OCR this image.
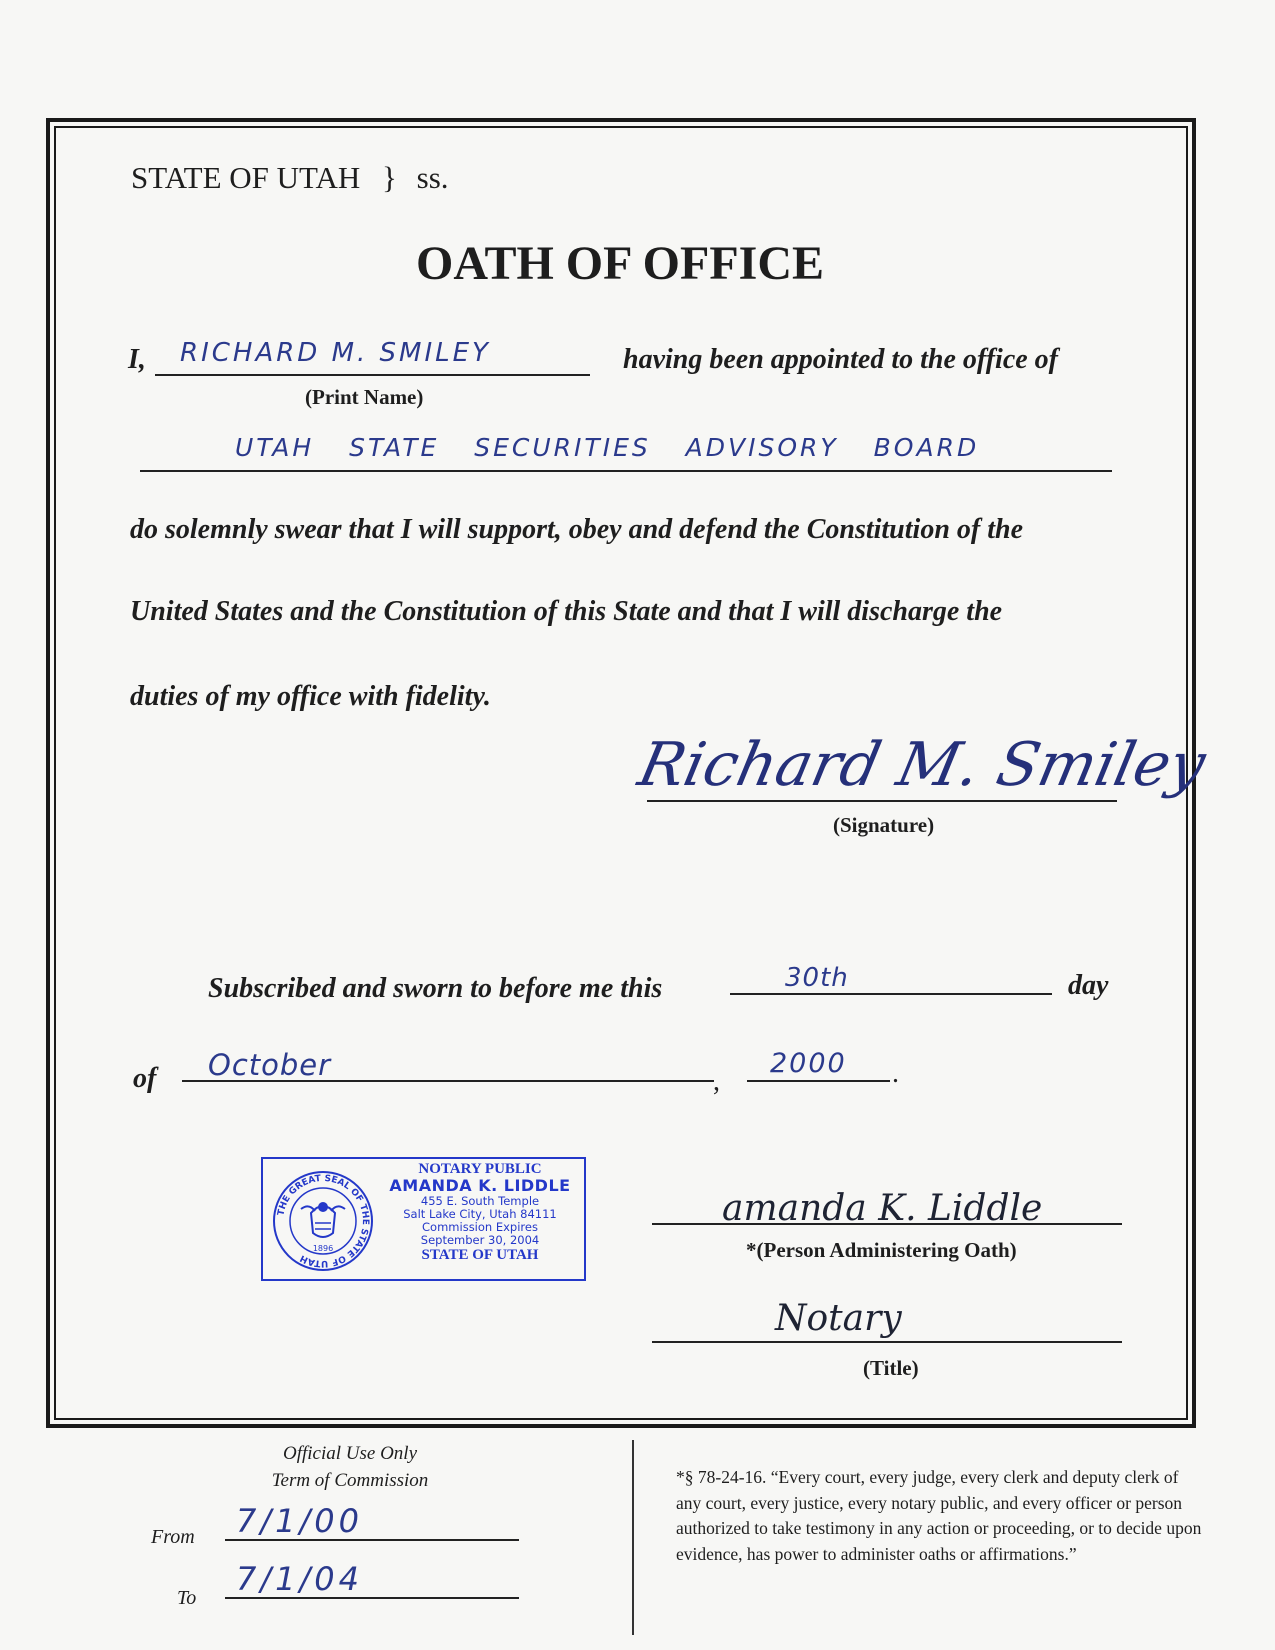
STATE OF UTAH } ss.
OATH OF OFFICE
I, RICHARD M. SMILEY
(Print Name)
having been appointed to the office of
UTAH STATE SECURITIES ADVISORY BOARD
do solemnly swear that I will support, obey and defend the Constitution of the
United States and the Constitution of this State and that I will discharge the
duties of my office with fidelity.
Richard M. Smiley
(Signature)
Subscribed and sworn to before me this	30th	day
of October	,
2000 .
THE GREAT SEAL OF THE STATE OF UTAH
1896
NOTARY PUBLIC
AMANDA K. LIDDLE
455 E. South Temple
Salt Lake City, Utah 84111
Commission Expires
September 30, 2004
STATE OF UTAH
amanda K. Liddle
*(Person Administering Oath)
Notary
(Title)
Official Use Only
Term of Commission
From 7/1/00
To 7/1/04
*§ 78-24-16. “Every court, every judge, every clerk and deputy clerk of any court, every justice, every notary public, and every officer or person authorized to take testimony in any action or proceeding, or to decide upon evidence, has power to administer oaths or affirmations.”
